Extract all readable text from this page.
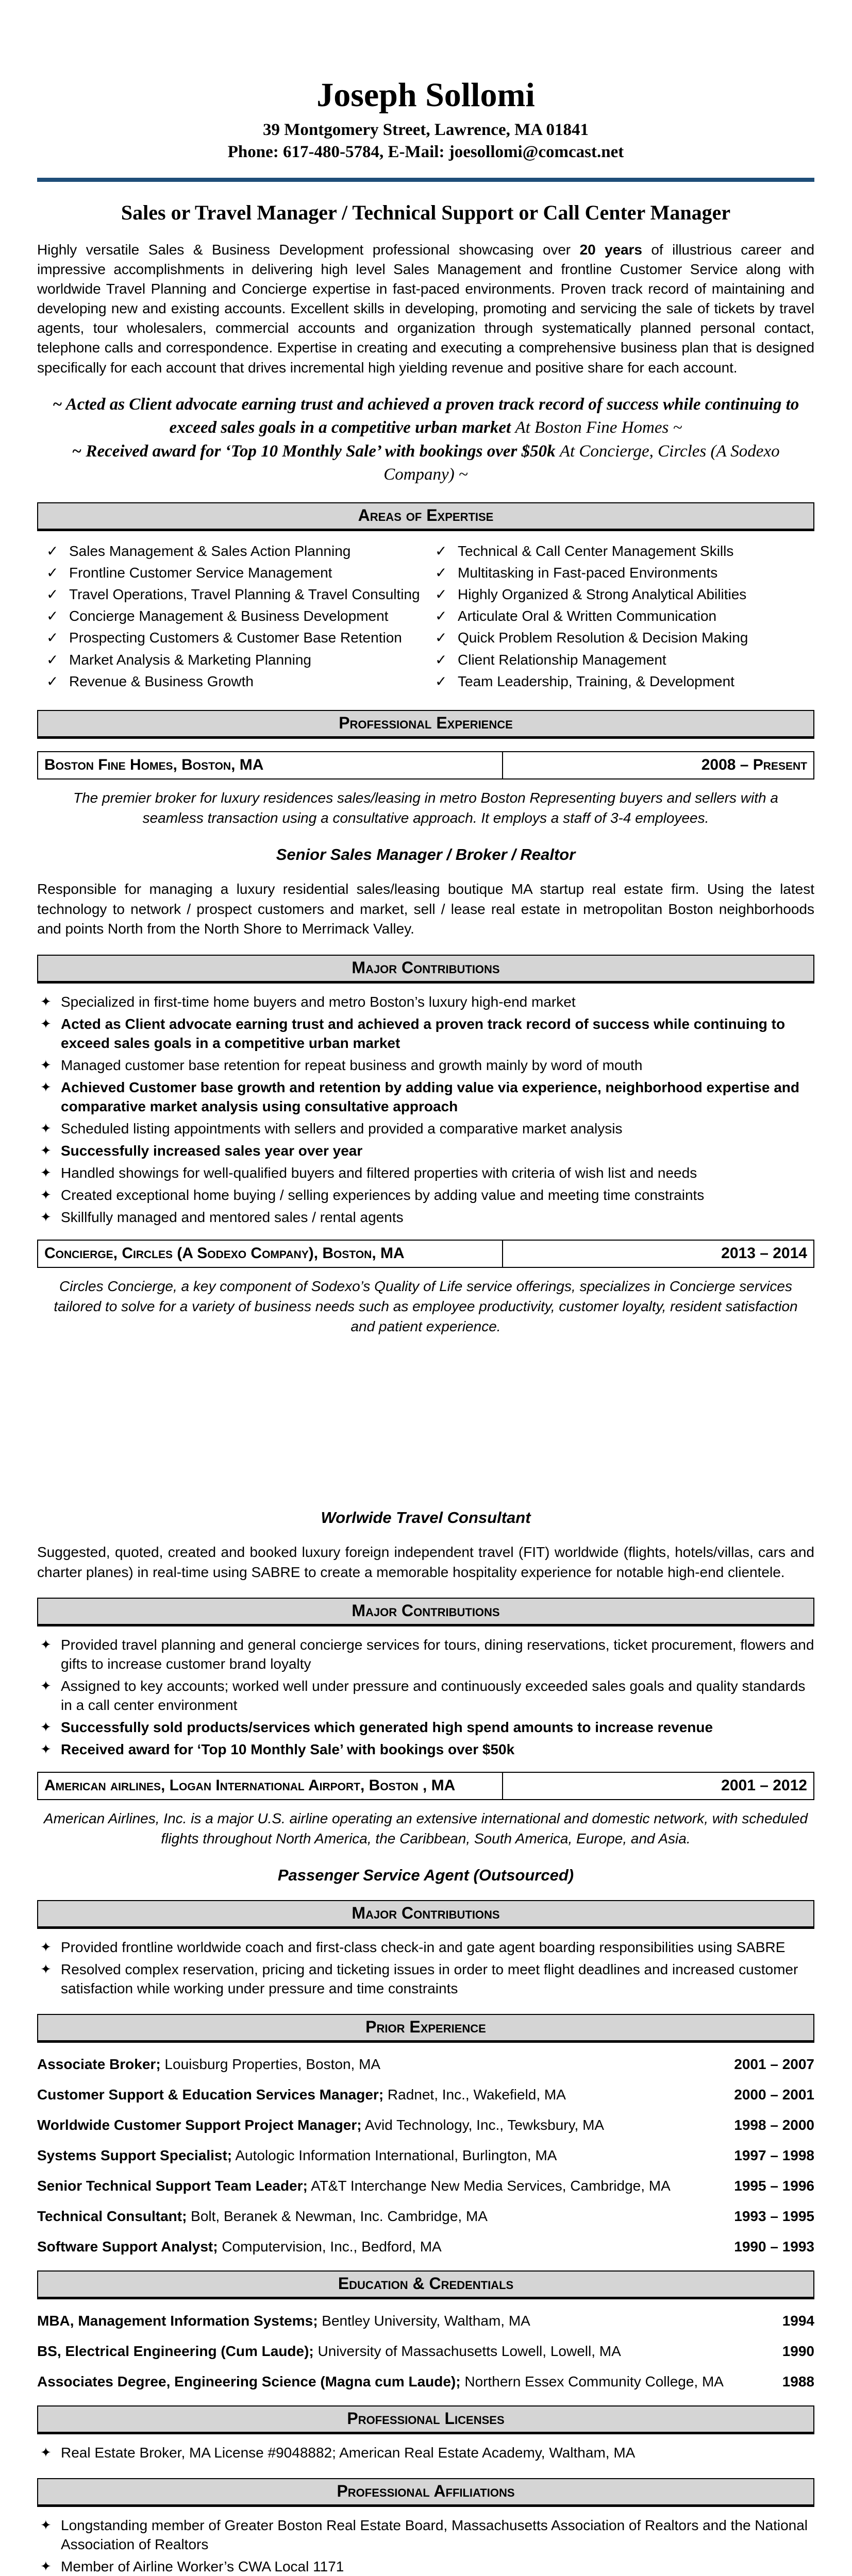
Joseph Sollomi
39 Montgomery Street, Lawrence, MA 01841
Phone: 617-480-5784, E-Mail: joesollomi@comcast.net
Sales or Travel Manager / Technical Support or Call Center Manager

Highly versatile Sales & Business Development professional showcasing over 20 years of illustrious career and impressive accomplishments in delivering high level Sales Management and frontline Customer Service along with worldwide Travel Planning and Concierge expertise in fast-paced environments. Proven track record of maintaining and developing new and existing accounts. Excellent skills in developing, promoting and servicing the sale of tickets by travel agents, tour wholesalers, commercial accounts and organization through systematically planned personal contact, telephone calls and correspondence. Expertise in creating and executing a comprehensive business plan that is designed specifically for each account that drives incremental high yielding revenue and positive share for each account.

~ Acted as Client advocate earning trust and achieved a proven track record of success while continuing to exceed sales goals in a competitive urban market At Boston Fine Homes ~
~ Received award for ‘Top 10 Monthly Sale’ with bookings over $50k At Concierge, Circles (A Sodexo Company) ~
Areas of Expertise
✓ Sales Management & Sales Action Planning
✓ Frontline Customer Service Management
✓ Travel Operations, Travel Planning & Travel Consulting
✓ Concierge Management & Business Development
✓ Prospecting Customers & Customer Base Retention
✓ Market Analysis & Marketing Planning
✓ Revenue & Business Growth
✓ Technical & Call Center Management Skills
✓ Multitasking in Fast-paced Environments
✓ Highly Organized & Strong Analytical Abilities
✓ Articulate Oral & Written Communication
✓ Quick Problem Resolution & Decision Making
✓ Client Relationship Management
✓ Team Leadership, Training, & Development
Professional Experience
Boston Fine Homes, Boston, MA	2008 – Present
The premier broker for luxury residences sales/leasing in metro Boston Representing buyers and sellers with a seamless transaction using a consultative approach. It employs a staff of 3-4 employees.
Senior Sales Manager / Broker / Realtor

Responsible for managing a luxury residential sales/leasing boutique MA startup real estate firm. Using the latest technology to network / prospect customers and market, sell / lease real estate in metropolitan Boston neighborhoods and points North from the North Shore to Merrimack Valley.

Major Contributions
✦ Specialized in first-time home buyers and metro Boston’s luxury high-end market
✦ Acted as Client advocate earning trust and achieved a proven track record of success while continuing to exceed sales goals in a competitive urban market
✦ Managed customer base retention for repeat business and growth mainly by word of mouth
✦ Achieved Customer base growth and retention by adding value via experience, neighborhood expertise and comparative market analysis using consultative approach
✦ Scheduled listing appointments with sellers and provided a comparative market analysis
✦ Successfully increased sales year over year
✦ Handled showings for well-qualified buyers and filtered properties with criteria of wish list and needs
✦ Created exceptional home buying / selling experiences by adding value and meeting time constraints
✦ Skillfully managed and mentored sales / rental agents
Concierge, Circles (A Sodexo Company), Boston, MA	2013 – 2014
Circles Concierge, a key component of Sodexo’s Quality of Life service offerings, specializes in Concierge services tailored to solve for a variety of business needs such as employee productivity, customer loyalty, resident satisfaction and patient experience.
Worlwide Travel Consultant

Suggested, quoted, created and booked luxury foreign independent travel (FIT) worldwide (flights, hotels/villas, cars and charter planes) in real-time using SABRE to create a memorable hospitality experience for notable high-end clientele.

Major Contributions
✦ Provided travel planning and general concierge services for tours, dining reservations, ticket procurement, flowers and gifts to increase customer brand loyalty
✦ Assigned to key accounts; worked well under pressure and continuously exceeded sales goals and quality standards in a call center environment
✦ Successfully sold products/services which generated high spend amounts to increase revenue
✦ Received award for ‘Top 10 Monthly Sale’ with bookings over $50k
American airlines, Logan International Airport, Boston , MA	2001 – 2012
American Airlines, Inc. is a major U.S. airline operating an extensive international and domestic network, with scheduled flights throughout North America, the Caribbean, South America, Europe, and Asia.
Passenger Service Agent (Outsourced)
Major Contributions
✦ Provided frontline worldwide coach and first-class check-in and gate agent boarding responsibilities using SABRE
✦ Resolved complex reservation, pricing and ticketing issues in order to meet flight deadlines and increased customer satisfaction while working under pressure and time constraints
Prior Experience
Associate Broker; Louisburg Properties, Boston, MA	2001 – 2007
Customer Support & Education Services Manager; Radnet, Inc., Wakefield, MA	2000 – 2001
Worldwide Customer Support Project Manager; Avid Technology, Inc., Tewksbury, MA	1998 – 2000
Systems Support Specialist; Autologic Information International, Burlington, MA	1997 – 1998
Senior Technical Support Team Leader; AT&T Interchange New Media Services, Cambridge, MA	1995 – 1996
Technical Consultant; Bolt, Beranek & Newman, Inc. Cambridge, MA	1993 – 1995
Software Support Analyst; Computervision, Inc., Bedford, MA	1990 – 1993
Education & Credentials
MBA, Management Information Systems; Bentley University, Waltham, MA	1994
BS, Electrical Engineering (Cum Laude); University of Massachusetts Lowell, Lowell, MA	1990
Associates Degree, Engineering Science (Magna cum Laude); Northern Essex Community College, MA	1988
Professional Licenses
✦ Real Estate Broker, MA License #9048882; American Real Estate Academy, Waltham, MA
Professional Affiliations
✦ Longstanding member of Greater Boston Real Estate Board, Massachusetts Association of Realtors and the National Association of Realtors
✦ Member of Airline Worker’s CWA Local 1171
